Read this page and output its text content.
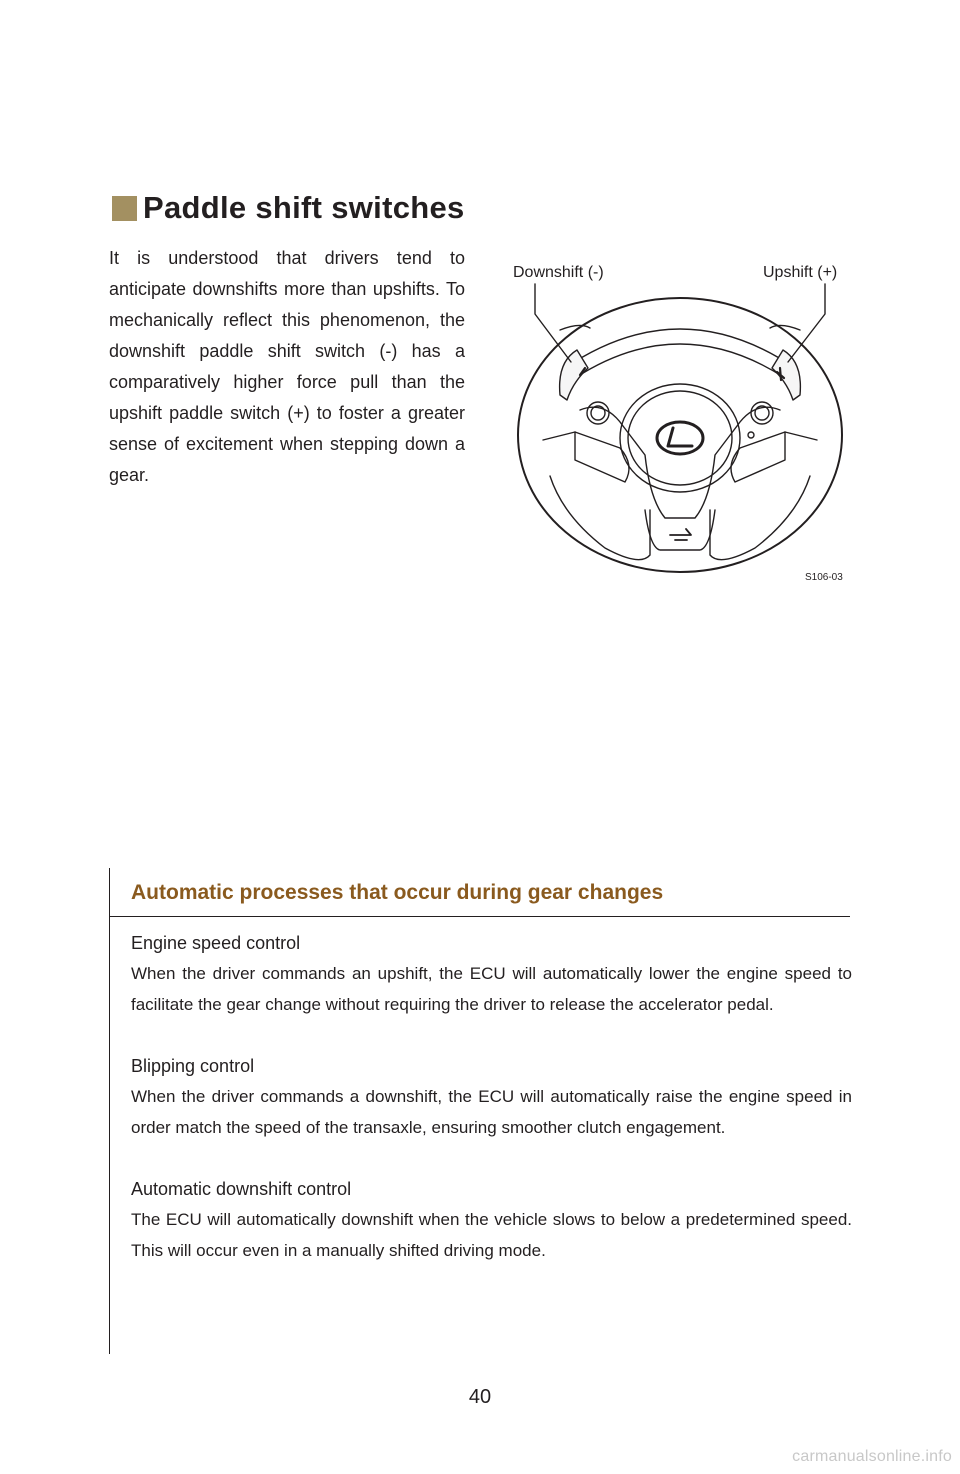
Paddle shift switches

It is understood that drivers tend to anticipate downshifts more than upshifts. To mechanically reflect this phenomenon, the downshift paddle shift switch (-) has a comparatively higher force pull than the upshift paddle switch (+) to foster a greater sense of excitement when stepping down a gear.

Downshift (-)	Upshift (+)
S106-03
Automatic processes that occur during gear changes
Engine speed control

When the driver commands an upshift, the ECU will automatically lower the engine speed to facilitate the gear change without requiring the driver to release the accelerator pedal.

Blipping control

When the driver commands a downshift, the ECU will automatically raise the engine speed in order match the speed of the transaxle, ensuring smoother clutch engagement.

Automatic downshift control

The ECU will automatically downshift when the vehicle slows to below a predetermined speed. This will occur even in a manually shifted driving mode.

40
carmanualsonline.info
